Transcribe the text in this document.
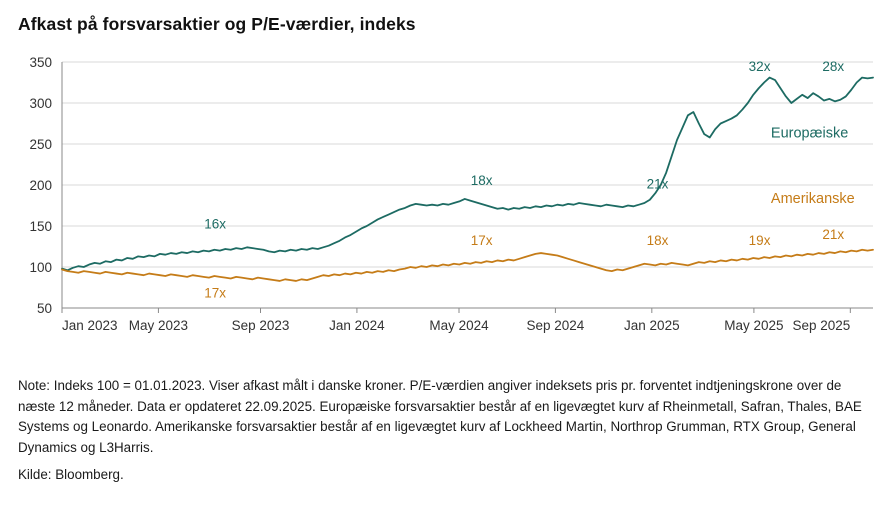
Afkast på forsvarsaktier og P/E-værdier, indeks
50
100
150
200
250
300
350
Jan 2023 May 2023	Sep 2023	Jan 2024	May 2024	Sep 2024	Jan 2025	May 2025 Sep 2025
16x
17x
18x
17x
21x
18x
32x
19x
28x
21x
Europæiske
Amerikanske
Note: Indeks 100 = 01.01.2023. Viser afkast målt i danske kroner. P/E-værdien angiver indeksets pris pr. forventet indtjeningskrone over de næste 12 måneder. Data er opdateret 22.09.2025. Europæiske forsvarsaktier består af en ligevægtet kurv af Rheinmetall, Safran, Thales, BAE Systems og Leonardo. Amerikanske forsvarsaktier består af en ligevægtet kurv af Lockheed Martin, Northrop Grumman, RTX Group, General Dynamics og L3Harris.
Kilde: Bloomberg.
